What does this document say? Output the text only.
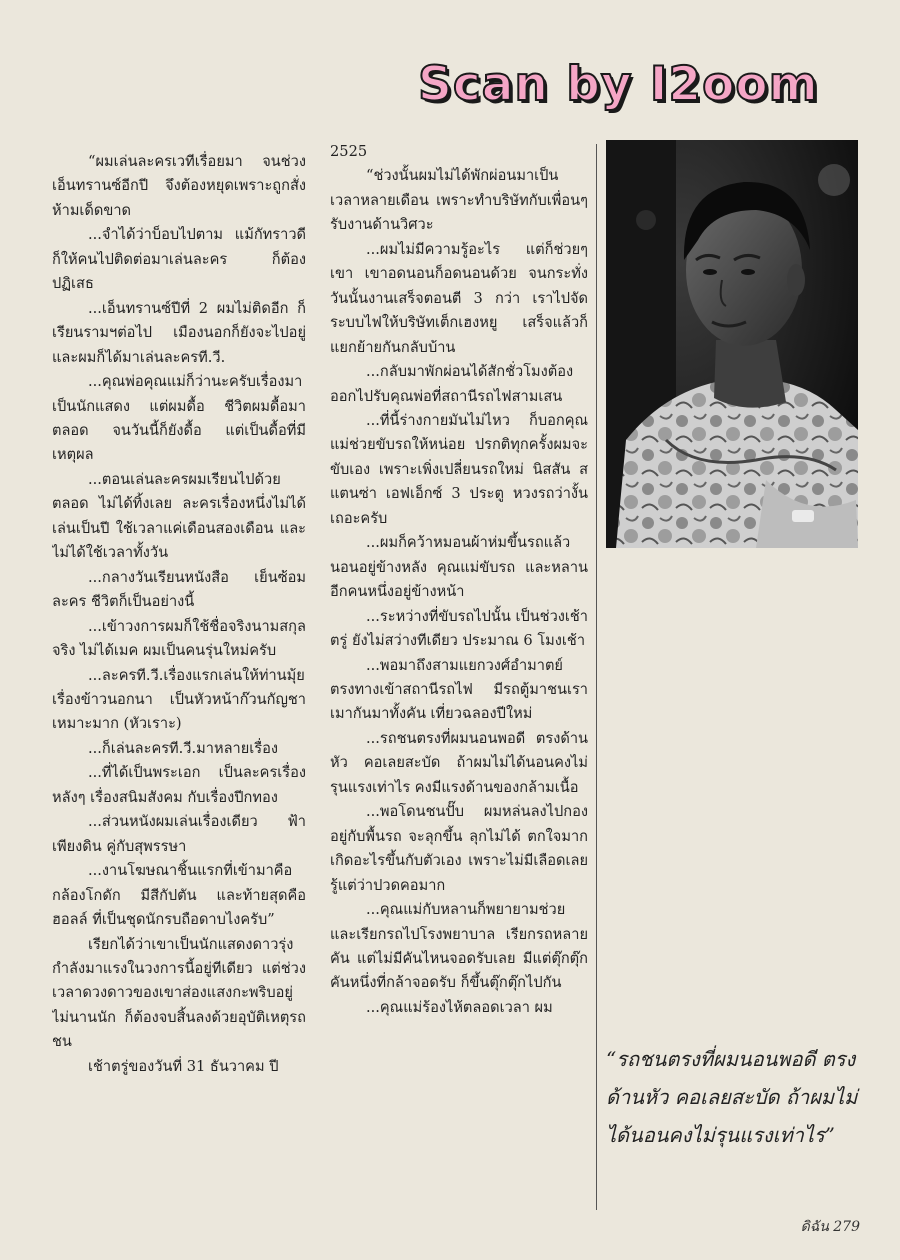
Scan by I2oom

“ผมเล่นละครเวทีเรื่อยมา จนช่วงเอ็นทรานซ์อีกปี จึงต้องหยุดเพราะถูกสั่งห้ามเด็ดขาด

...จำได้ว่าบ็อบไปตาม แม้กัทราวดีก็ให้คนไปติดต่อมาเล่นละคร ก็ต้องปฏิเสธ

...เอ็นทรานซ์ปีที่ 2 ผมไม่ติดอีก ก็เรียนรามฯต่อไป เมืองนอกก็ยังจะไปอยู่ และผมก็ได้มาเล่นละครที.วี.

...คุณพ่อคุณแม่ก็ว่านะครับเรื่องมาเป็นนักแสดง แต่ผมดื้อ ชีวิตผมดื้อมาตลอด จนวันนี้ก็ยังดื้อ แต่เป็นดื้อที่มีเหตุผล

...ตอนเล่นละครผมเรียนไปด้วยตลอด ไม่ได้ทิ้งเลย ละครเรื่องหนึ่งไม่ได้เล่นเป็นปี ใช้เวลาแค่เดือนสองเดือน และไม่ได้ใช้เวลาทั้งวัน

...กลางวันเรียนหนังสือ เย็นซ้อมละคร ชีวิตก็เป็นอย่างนี้

...เข้าวงการผมก็ใช้ชื่อจริงนามสกุลจริง ไม่ได้เมค ผมเป็นคนรุ่นใหม่ครับ

...ละครที.วี.เรื่องแรกเล่นให้ท่านมุ้ย เรื่องข้าวนอกนา เป็นหัวหน้าก๊วนกัญชา เหมาะมาก (หัวเราะ)

...ก็เล่นละครที.วี.มาหลายเรื่อง

...ที่ได้เป็นพระเอก เป็นละครเรื่องหลังๆ เรื่องสนิมสังคม กับเรื่องปีกทอง

...ส่วนหนังผมเล่นเรื่องเดียว ฟ้าเพียงดิน คู่กับสุพรรษา

...งานโฆษณาชิ้นแรกที่เข้ามาคือกล้องโกดัก มีสีกัปตัน และท้ายสุดคือฮอลล์ ที่เป็นชุดนักรบถือดาบไงครับ”

เรียกได้ว่าเขาเป็นนักแสดงดาวรุ่งกำลังมาแรงในวงการนี้อยู่ทีเดียว แต่ช่วงเวลาดวงดาวของเขาส่องแสงกะพริบอยู่ไม่นานนัก ก็ต้องจบสิ้นลงด้วยอุบัติเหตุรถชน

เช้าตรู่ของวันที่ 31 ธันวาคม ปี

2525

“ช่วงนั้นผมไม่ได้พักผ่อนมาเป็นเวลาหลายเดือน เพราะทำบริษัทกับเพื่อนๆรับงานด้านวิศวะ

...ผมไม่มีความรู้อะไร แต่ก็ช่วยๆเขา เขาอดนอนก็อดนอนด้วย จนกระทั่งวันนั้นงานเสร็จตอนตี 3 กว่า เราไปจัดระบบไฟให้บริษัทเต็กเฮงหยู เสร็จแล้วก็แยกย้ายกันกลับบ้าน

...กลับมาพักผ่อนได้สักชั่วโมงต้องออกไปรับคุณพ่อที่สถานีรถไฟสามเสน

...ที่นี้ร่างกายมันไม่ไหว ก็บอกคุณแม่ช่วยขับรถให้หน่อย ปรกติทุกครั้งผมจะขับเอง เพราะเพิ่งเปลี่ยนรถใหม่ นิสสัน สแตนซ่า เอฟเอ็กซ์ 3 ประตู หวงรถว่างั้นเถอะครับ

...ผมก็คว้าหมอนผ้าห่มขึ้นรถแล้วนอนอยู่ข้างหลัง คุณแม่ขับรถ และหลานอีกคนหนึ่งอยู่ข้างหน้า

...ระหว่างที่ขับรถไปนั้น เป็นช่วงเช้าตรู่ ยังไม่สว่างทีเดียว ประมาณ 6 โมงเช้า

...พอมาถึงสามแยกวงศ์อำมาตย์ ตรงทางเข้าสถานีรถไฟ มีรถตู้มาชนเรา เมากันมาทั้งคัน เที่ยวฉลองปีใหม่

...รถชนตรงที่ผมนอนพอดี ตรงด้านหัว คอเลยสะบัด ถ้าผมไม่ได้นอนคงไม่รุนแรงเท่าไร คงมีแรงด้านของกล้ามเนื้อ

...พอโดนชนปั๊บ ผมหล่นลงไปกองอยู่กับพื้นรถ จะลุกขึ้น ลุกไม่ได้ ตกใจมาก เกิดอะไรขึ้นกับตัวเอง เพราะไม่มีเลือดเลย รู้แต่ว่าปวดคอมาก

...คุณแม่กับหลานก็พยายามช่วยและเรียกรถไปโรงพยาบาล เรียกรถหลายคัน แต่ไม่มีคันไหนจอดรับเลย มีแต่ตุ๊กตุ๊กคันหนึ่งที่กล้าจอดรับ ก็ขึ้นตุ๊กตุ๊กไปกัน

...คุณแม่ร้องไห้ตลอดเวลา ผม

“รถชนตรงที่ผมนอนพอดี ตรงด้านหัว คอเลยสะบัด ถ้าผมไม่ได้นอนคงไม่รุนแรงเท่าไร”
ดิฉัน 279
